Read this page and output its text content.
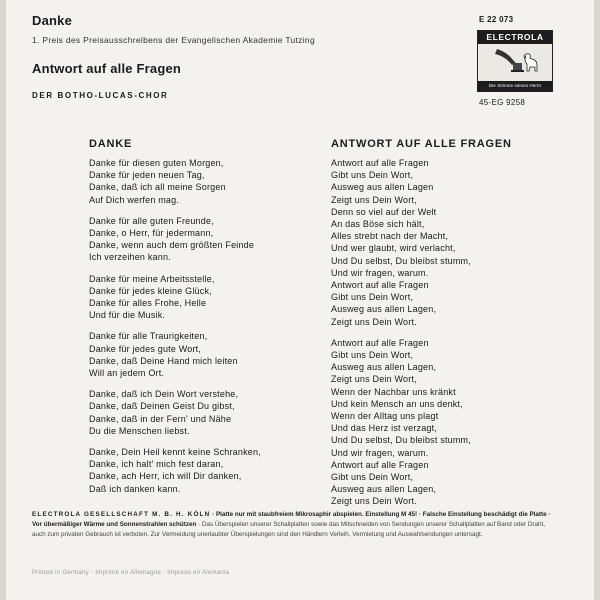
Danke
1. Preis des Preisausschreibens der Evangelischen Akademie Tutzing
Antwort auf alle Fragen
DER BOTHO-LUCAS-CHOR
E 22 073
ELECTROLA
Die Stimme seines Herrn
45-EG 9258
DANKE	ANTWORT AUF ALLE FRAGEN
Danke für diesen guten Morgen,
Danke für jeden neuen Tag,
Danke, daß ich all meine Sorgen
Auf Dich werfen mag.
Danke für alle guten Freunde,
Danke, o Herr, für jedermann,
Danke, wenn auch dem größten Feinde
Ich verzeihen kann.
Danke für meine Arbeitsstelle,
Danke für jedes kleine Glück,
Danke für alles Frohe, Helle
Und für die Musik.
Danke für alle Traurigkeiten,
Danke für jedes gute Wort,
Danke, daß Deine Hand mich leiten
Will an jedem Ort.
Danke, daß ich Dein Wort verstehe,
Danke, daß Deinen Geist Du gibst,
Danke, daß in der Fern' und Nähe
Du die Menschen liebst.
Danke, Dein Heil kennt keine Schranken,
Danke, ich halt' mich fest daran,
Danke, ach Herr, ich will Dir danken,
Daß ich danken kann.
Antwort auf alle Fragen
Gibt uns Dein Wort,
Ausweg aus allen Lagen
Zeigt uns Dein Wort,
Denn so viel auf der Welt
An das Böse sich hält,
Alles strebt nach der Macht,
Und wer glaubt, wird verlacht,
Und Du selbst, Du bleibst stumm,
Und wir fragen, warum.
Antwort auf alle Fragen
Gibt uns Dein Wort,
Ausweg aus allen Lagen,
Zeigt uns Dein Wort.
Antwort auf alle Fragen
Gibt uns Dein Wort,
Ausweg aus allen Lagen,
Zeigt uns Dein Wort,
Wenn der Nachbar uns kränkt
Und kein Mensch an uns denkt,
Wenn der Alltag uns plagt
Und das Herz ist verzagt,
Und Du selbst, Du bleibst stumm,
Und wir fragen, warum.
Antwort auf alle Fragen
Gibt uns Dein Wort,
Ausweg aus allen Lagen,
Zeigt uns Dein Wort.
ELECTROLA GESELLSCHAFT M. B. H. KÖLN · Platte nur mit staubfreiem Mikrosaphir abspielen. Einstellung M 45! · Falsche Einstellung beschädigt die Platte · Vor übermäßiger Wärme und Sonnenstrahlen schützen · Das Überspielen unserer Schallplatten sowie das Mitschneiden von Sendungen unserer Schallplatten auf Band oder Draht, auch zum privaten Gebrauch ist verboten. Zur Vermeidung unerlaubter Überspielungen sind den Händlern Verleih, Vermietung und Auswahlsendungen untersagt.
Printed in Germany · Imprimé en Allemagne · Impreso en Alemania
